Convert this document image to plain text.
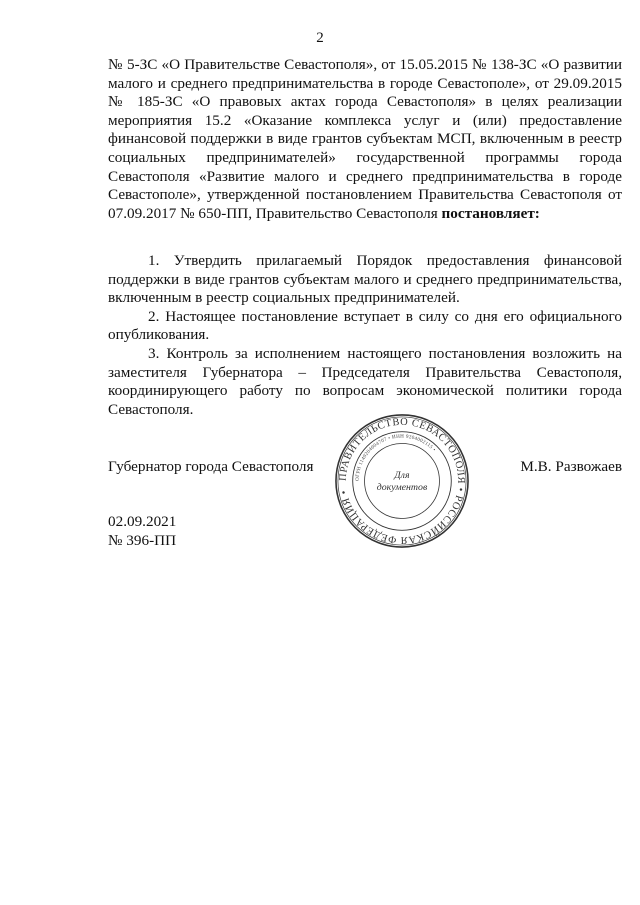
2

№ 5-ЗС «О Правительстве Севастополя», от 15.05.2015 № 138-ЗС «О развитии малого и среднего предпринимательства в городе Севастополе», от 29.09.2015 № 185-ЗС «О правовых актах города Севастополя» в целях реализации мероприятия 15.2 «Оказание комплекса услуг и (или) предоставление финансовой поддержки в виде грантов субъектам МСП, включенным в реестр социальных предпринимателей» государственной программы города Севастополя «Развитие малого и среднего предпринимательства в городе Севастополе», утвержденной постановлением Правительства Севастополя от 07.09.2017 № 650-ПП, Правительство Севастополя постановляет:

1. Утвердить прилагаемый Порядок предоставления финансовой поддержки в виде грантов субъектам малого и среднего предпринимательства, включенным в реестр социальных предпринимателей.

2. Настоящее постановление вступает в силу со дня его официального опубликования.

3. Контроль за исполнением настоящего постановления возложить на заместителя Губернатора – Председателя Правительства Севастополя, координирующего работу по вопросам экономической политики города Севастополя.

ПРАВИТЕЛЬСТВО СЕВАСТОПОЛЯ • РОССИЙСКАЯ ФЕДЕРАЦИЯ •
ОГРН 1149204004707 • ИНН 9204002115 •
Для
документов
Губернатор города Севастополя	М.В. Развожаев
02.09.2021
№ 396-ПП
